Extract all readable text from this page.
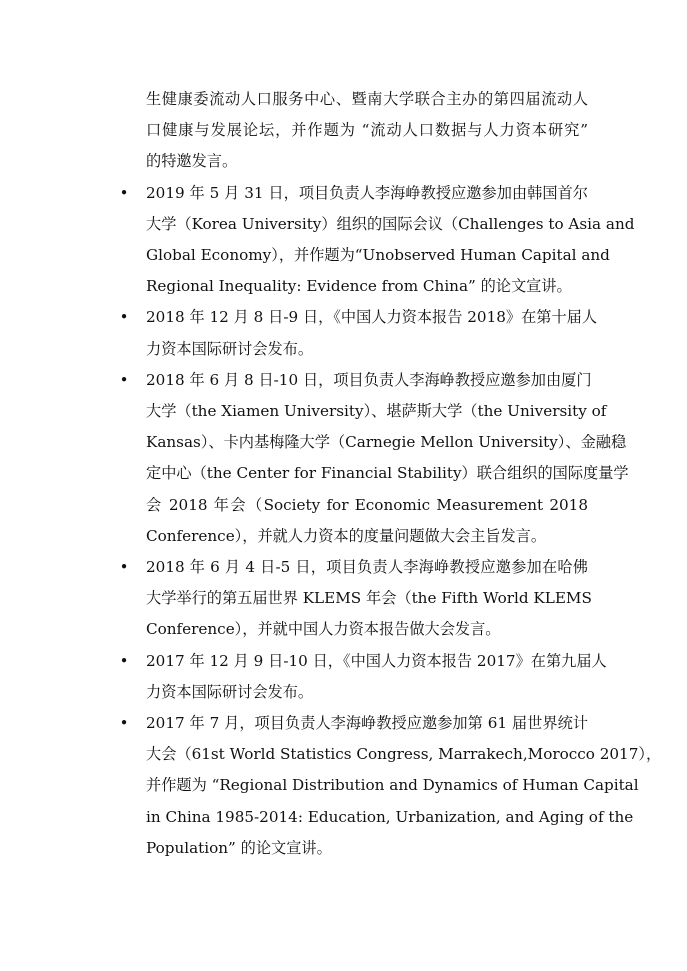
生健康委流动人口服务中心、暨南大学联合主办的第四届流动人
口健康与发展论坛，并作题为 “流动人口数据与人力资本研究”
的特邀发言。
• 2019 年 5 月 31 日，项目负责人李海峥教授应邀参加由韩国首尔
大学（Korea University）组织的国际会议（Challenges to Asia and
Global Economy），并作题为“Unobserved Human Capital and
Regional Inequality: Evidence from China” 的论文宣讲。
• 2018 年 12 月 8 日-9 日，《中国人力资本报告 2018》在第十届人
力资本国际研讨会发布。
• 2018 年 6 月 8 日-10 日，项目负责人李海峥教授应邀参加由厦门
大学（the Xiamen University）、堪萨斯大学（the University of
Kansas）、卡内基梅隆大学（Carnegie Mellon University）、金融稳
定中心（the Center for Financial Stability）联合组织的国际度量学
会 2018 年会（Society for Economic Measurement 2018
Conference），并就人力资本的度量问题做大会主旨发言。
• 2018 年 6 月 4 日-5 日，项目负责人李海峥教授应邀参加在哈佛
大学举行的第五届世界 KLEMS 年会（the Fifth World KLEMS
Conference），并就中国人力资本报告做大会发言。
• 2017 年 12 月 9 日-10 日，《中国人力资本报告 2017》在第九届人
力资本国际研讨会发布。
• 2017 年 7 月，项目负责人李海峥教授应邀参加第 61 届世界统计
大会（61st World Statistics Congress, Marrakech,Morocco 2017），
并作题为 “Regional Distribution and Dynamics of Human Capital
in China 1985-2014: Education, Urbanization, and Aging of the
Population” 的论文宣讲。
